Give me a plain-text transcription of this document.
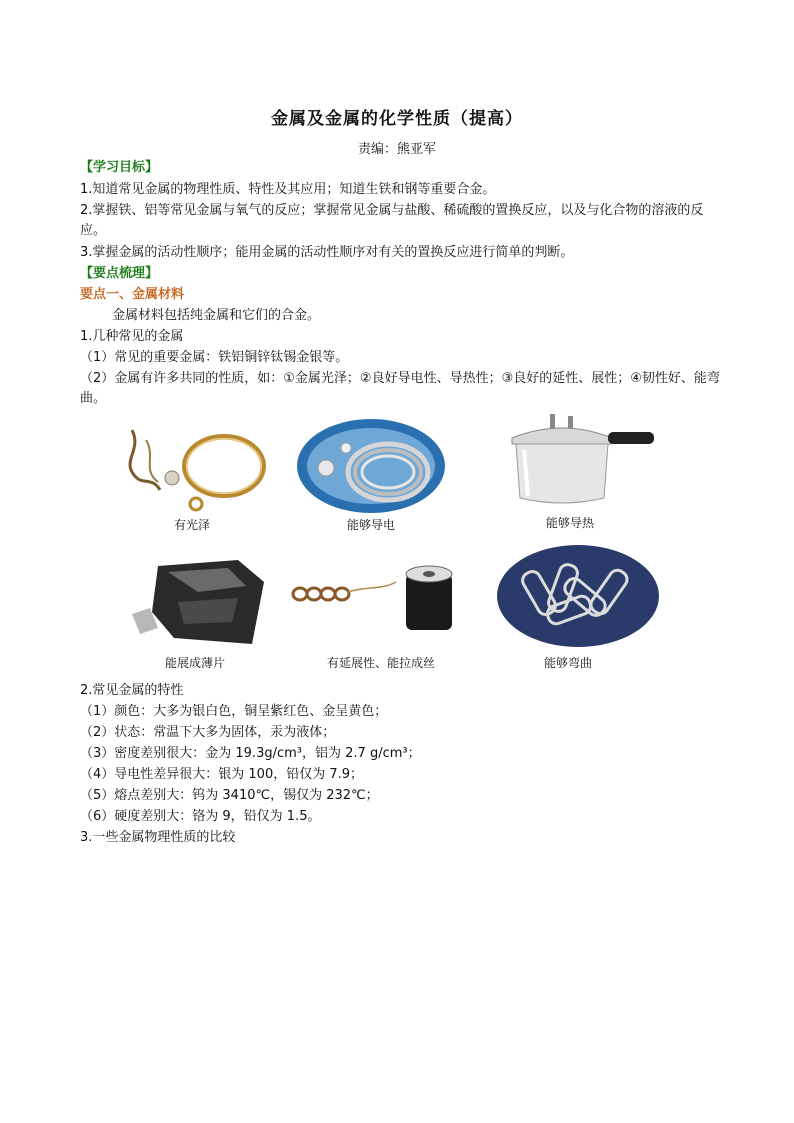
金属及金属的化学性质（提高）
责编：熊亚军
【学习目标】
1.知道常见金属的物理性质、特性及其应用；知道生铁和钢等重要合金。
2.掌握铁、铝等常见金属与氧气的反应；掌握常见金属与盐酸、稀硫酸的置换反应，以及与化合物的溶液的反应。
3.掌握金属的活动性顺序；能用金属的活动性顺序对有关的置换反应进行简单的判断。
【要点梳理】
要点一、金属材料
金属材料包括纯金属和它们的合金。
1.几种常见的金属
（1）常见的重要金属：铁铝铜锌钛锡金银等。
（2）金属有许多共同的性质，如：①金属光泽；②良好导电性、导热性；③良好的延性、展性；④韧性好、能弯曲。
有光泽	能够导电	能够导热
能展成薄片	有延展性、能拉成丝	能够弯曲
2.常见金属的特性
（1）颜色：大多为银白色，铜呈紫红色、金呈黄色；
（2）状态：常温下大多为固体，汞为液体；
（3）密度差别很大：金为 19.3g/cm³，铝为 2.7 g/cm³；
（4）导电性差异很大：银为 100，铅仅为 7.9；
（5）熔点差别大：钨为 3410℃，锡仅为 232℃；
（6）硬度差别大：铬为 9，铅仅为 1.5。
3.一些金属物理性质的比较
